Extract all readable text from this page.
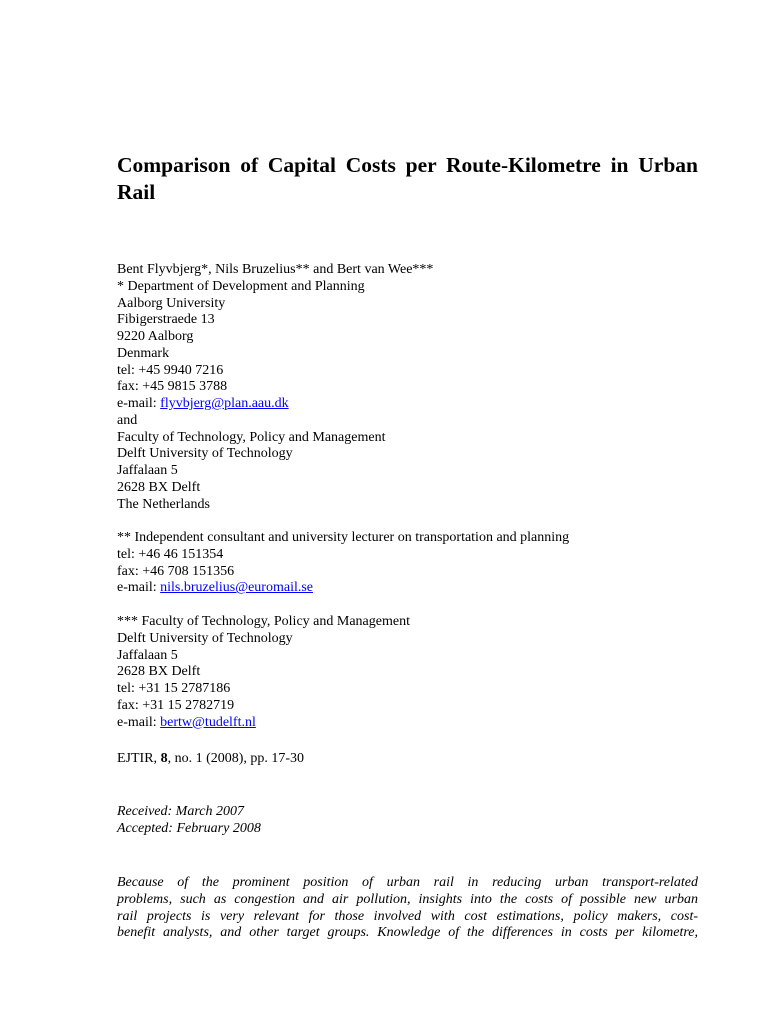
Comparison of Capital Costs per Route-Kilometre in Urban Rail
Bent Flyvbjerg*, Nils Bruzelius** and Bert van Wee***
* Department of Development and Planning
Aalborg University
Fibigerstraede 13
9220 Aalborg
Denmark
tel: +45 9940 7216
fax: +45 9815 3788
e-mail: flyvbjerg@plan.aau.dk
and
Faculty of Technology, Policy and Management
Delft University of Technology
Jaffalaan 5
2628 BX Delft
The Netherlands
** Independent consultant and university lecturer on transportation and planning
tel: +46 46 151354
fax: +46 708 151356
e-mail: nils.bruzelius@euromail.se
*** Faculty of Technology, Policy and Management
Delft University of Technology
Jaffalaan 5
2628 BX Delft
tel: +31 15 2787186
fax: +31 15 2782719
e-mail: bertw@tudelft.nl
EJTIR, 8, no. 1 (2008), pp. 17-30
Received: March 2007
Accepted: February 2008
Because of the prominent position of urban rail in reducing urban transport-related
problems, such as congestion and air pollution, insights into the costs of possible new urban
rail projects is very relevant for those involved with cost estimations, policy makers, cost-
benefit analysts, and other target groups. Knowledge of the differences in costs per kilometre,
